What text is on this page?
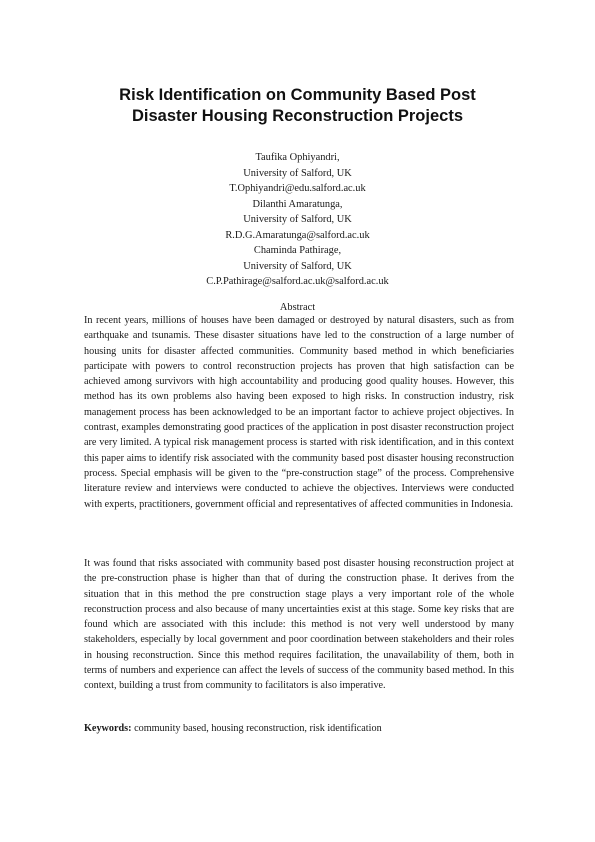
Risk Identification on Community Based Post
Disaster Housing Reconstruction Projects
Taufika Ophiyandri,
University of Salford, UK
T.Ophiyandri@edu.salford.ac.uk
Dilanthi Amaratunga,
University of Salford, UK
R.D.G.Amaratunga@salford.ac.uk
Chaminda Pathirage,
University of Salford, UK
C.P.Pathirage@salford.ac.uk@salford.ac.uk
Abstract

In recent years, millions of houses have been damaged or destroyed by natural disasters, such as from earthquake and tsunamis. These disaster situations have led to the construction of a large number of housing units for disaster affected communities. Community based method in which beneficiaries participate with powers to control reconstruction projects has proven that high satisfaction can be achieved among survivors with high accountability and producing good quality houses. However, this method has its own problems also having been exposed to high risks. In construction industry, risk management process has been acknowledged to be an important factor to achieve project objectives. In contrast, examples demonstrating good practices of the application in post disaster reconstruction project are very limited. A typical risk management process is started with risk identification, and in this context this paper aims to identify risk associated with the community based post disaster housing reconstruction process. Special emphasis will be given to the “pre-construction stage” of the process. Comprehensive literature review and interviews were conducted to achieve the objectives. Interviews were conducted with experts, practitioners, government official and representatives of affected communities in Indonesia.

It was found that risks associated with community based post disaster housing reconstruction project at the pre-construction phase is higher than that of during the construction phase. It derives from the situation that in this method the pre construction stage plays a very important role of the whole reconstruction process and also because of many uncertainties exist at this stage. Some key risks that are found which are associated with this include: this method is not very well understood by many stakeholders, especially by local government and poor coordination between stakeholders and their roles in housing reconstruction. Since this method requires facilitation, the unavailability of them, both in terms of numbers and experience can affect the levels of success of the community based method. In this context, building a trust from community to facilitators is also imperative.

Keywords: community based, housing reconstruction, risk identification
